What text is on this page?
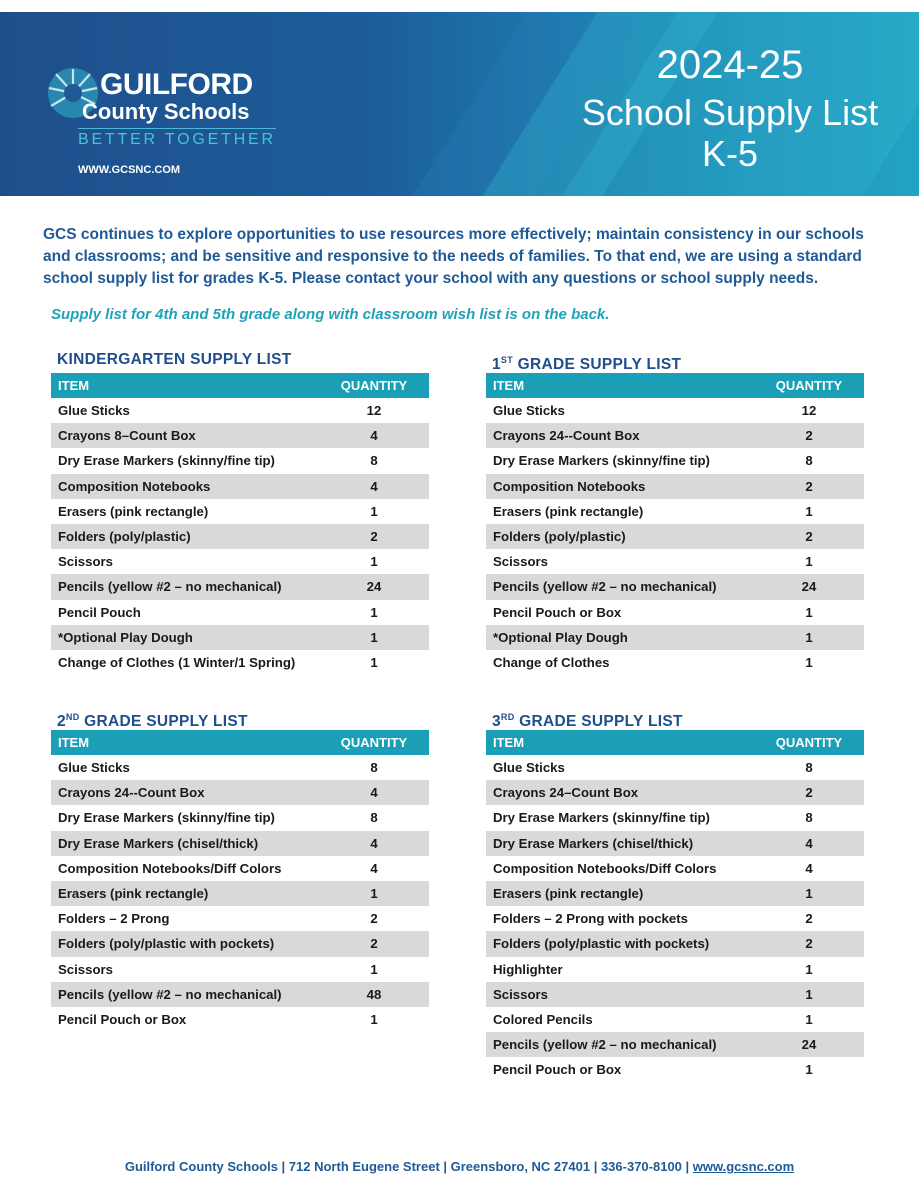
GUILFORD
County Schools
BETTER TOGETHER
WWW.GCSNC.COM
2024-25
School Supply List
K-5

GCS continues to explore opportunities to use resources more effectively; maintain consistency in our schools and classrooms; and be sensitive and responsive to the needs of families. To that end, we are using a standard school supply list for grades K-5. Please contact your school with any questions or school supply needs.

Supply list for 4th and 5th grade along with classroom wish list is on the back.

KINDERGARTEN SUPPLY LIST
ITEM	QUANTITY
Glue Sticks	12
Crayons 8–Count Box	4
Dry Erase Markers (skinny/fine tip)	8
Composition Notebooks	4
Erasers (pink rectangle)	1
Folders (poly/plastic)	2
Scissors	1
Pencils (yellow #2 – no mechanical)	24
Pencil Pouch	1
*Optional Play Dough	1
Change of Clothes (1 Winter/1 Spring)	1
1ST GRADE SUPPLY LIST
ITEM	QUANTITY
Glue Sticks	12
Crayons 24--Count Box	2
Dry Erase Markers (skinny/fine tip)	8
Composition Notebooks	2
Erasers (pink rectangle)	1
Folders (poly/plastic)	2
Scissors	1
Pencils (yellow #2 – no mechanical)	24
Pencil Pouch or Box	1
*Optional Play Dough	1
Change of Clothes	1
2ND GRADE SUPPLY LIST
ITEM	QUANTITY
Glue Sticks	8
Crayons 24--Count Box	4
Dry Erase Markers (skinny/fine tip)	8
Dry Erase Markers (chisel/thick)	4
Composition Notebooks/Diff Colors	4
Erasers (pink rectangle)	1
Folders – 2 Prong	2
Folders (poly/plastic with pockets)	2
Scissors	1
Pencils (yellow #2 – no mechanical)	48
Pencil Pouch or Box	1
3RD GRADE SUPPLY LIST
ITEM	QUANTITY
Glue Sticks	8
Crayons 24–Count Box	2
Dry Erase Markers (skinny/fine tip)	8
Dry Erase Markers (chisel/thick)	4
Composition Notebooks/Diff Colors	4
Erasers (pink rectangle)	1
Folders – 2 Prong with pockets	2
Folders (poly/plastic with pockets)	2
Highlighter	1
Scissors	1
Colored Pencils	1
Pencils (yellow #2 – no mechanical)	24
Pencil Pouch or Box	1
Guilford County Schools | 712 North Eugene Street | Greensboro, NC 27401 | 336-370-8100 | www.gcsnc.com
